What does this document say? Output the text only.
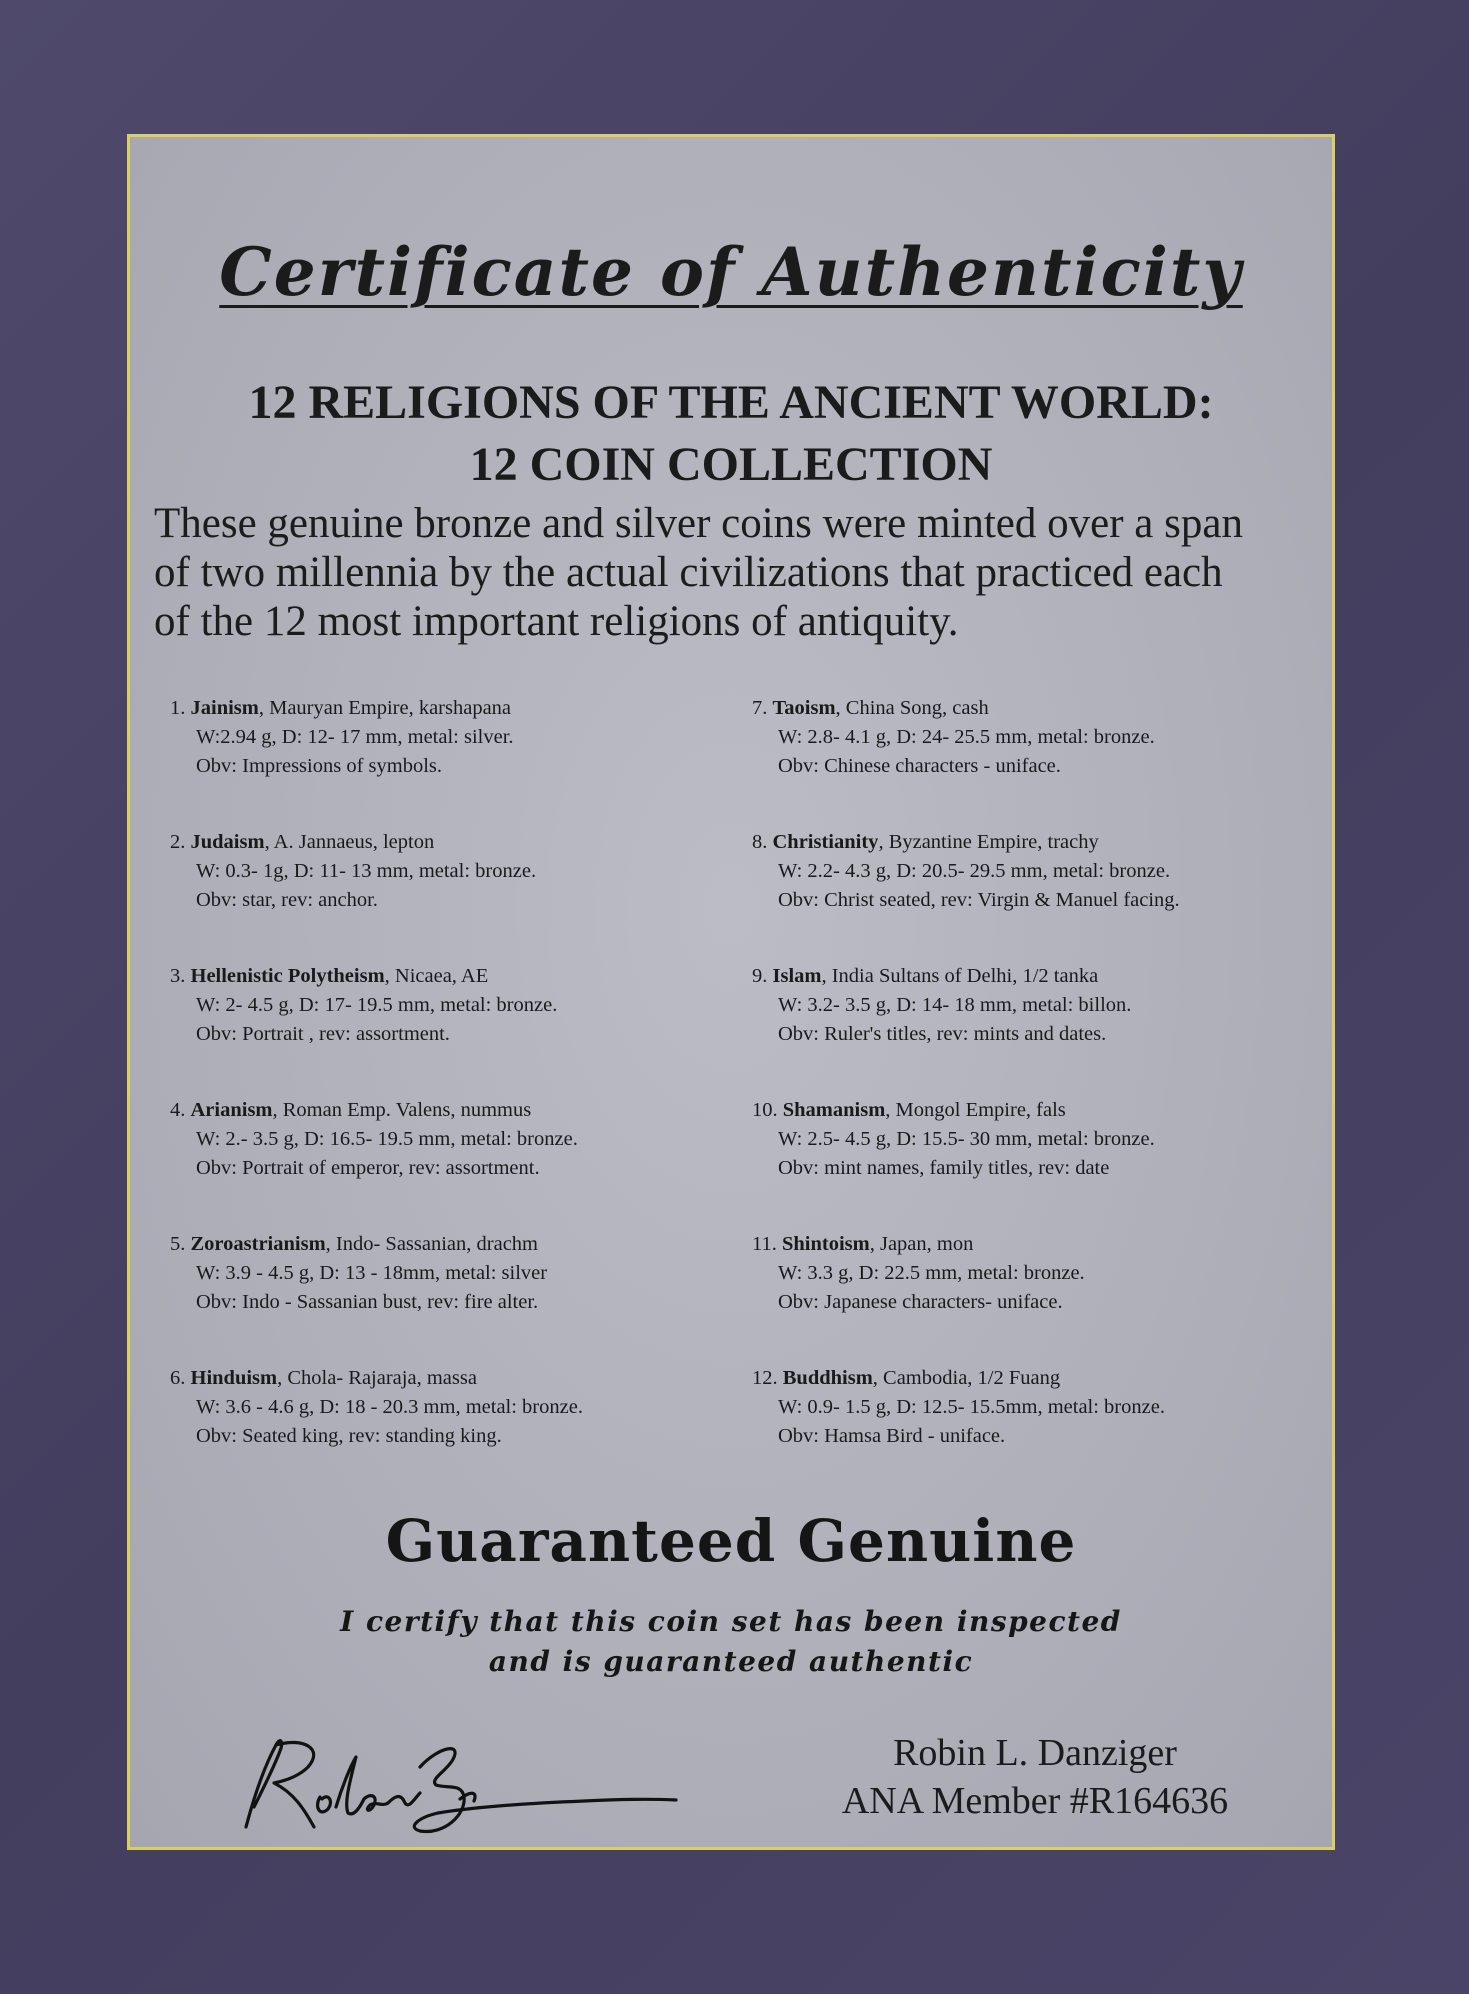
Certificate of Authenticity
12 RELIGIONS OF THE ANCIENT WORLD:
12 COIN COLLECTION
These genuine bronze and silver coins were minted over a span
of two millennia by the actual civilizations that practiced each
of the 12 most important religions of antiquity.
1. Jainism, Mauryan Empire, karshapana
W:2.94 g, D: 12- 17 mm, metal: silver.
Obv: Impressions of symbols.
2. Judaism, A. Jannaeus, lepton
W: 0.3- 1g, D: 11- 13 mm, metal: bronze.
Obv: star, rev: anchor.
3. Hellenistic Polytheism, Nicaea, AE
W: 2- 4.5 g, D: 17- 19.5 mm, metal: bronze.
Obv: Portrait , rev: assortment.
4. Arianism, Roman Emp. Valens, nummus
W: 2.- 3.5 g, D: 16.5- 19.5 mm, metal: bronze.
Obv: Portrait of emperor, rev: assortment.
5. Zoroastrianism, Indo- Sassanian, drachm
W: 3.9 - 4.5 g, D: 13 - 18mm, metal: silver
Obv: Indo - Sassanian bust, rev: fire alter.
6. Hinduism, Chola- Rajaraja, massa
W: 3.6 - 4.6 g, D: 18 - 20.3 mm, metal: bronze.
Obv: Seated king, rev: standing king.
7. Taoism, China Song, cash
W: 2.8- 4.1 g, D: 24- 25.5 mm, metal: bronze.
Obv: Chinese characters - uniface.
8. Christianity, Byzantine Empire, trachy
W: 2.2- 4.3 g, D: 20.5- 29.5 mm, metal: bronze.
Obv: Christ seated, rev: Virgin & Manuel facing.
9. Islam, India Sultans of Delhi, 1/2 tanka
W: 3.2- 3.5 g, D: 14- 18 mm, metal: billon.
Obv: Ruler's titles, rev: mints and dates.
10. Shamanism, Mongol Empire, fals
W: 2.5- 4.5 g, D: 15.5- 30 mm, metal: bronze.
Obv: mint names, family titles, rev: date
11. Shintoism, Japan, mon
W: 3.3 g, D: 22.5 mm, metal: bronze.
Obv: Japanese characters- uniface.
12. Buddhism, Cambodia, 1/2 Fuang
W: 0.9- 1.5 g, D: 12.5- 15.5mm, metal: bronze.
Obv: Hamsa Bird - uniface.
Guaranteed Genuine
I certify that this coin set has been inspected
and is guaranteed authentic
Robin L. Danziger
ANA Member #R164636
